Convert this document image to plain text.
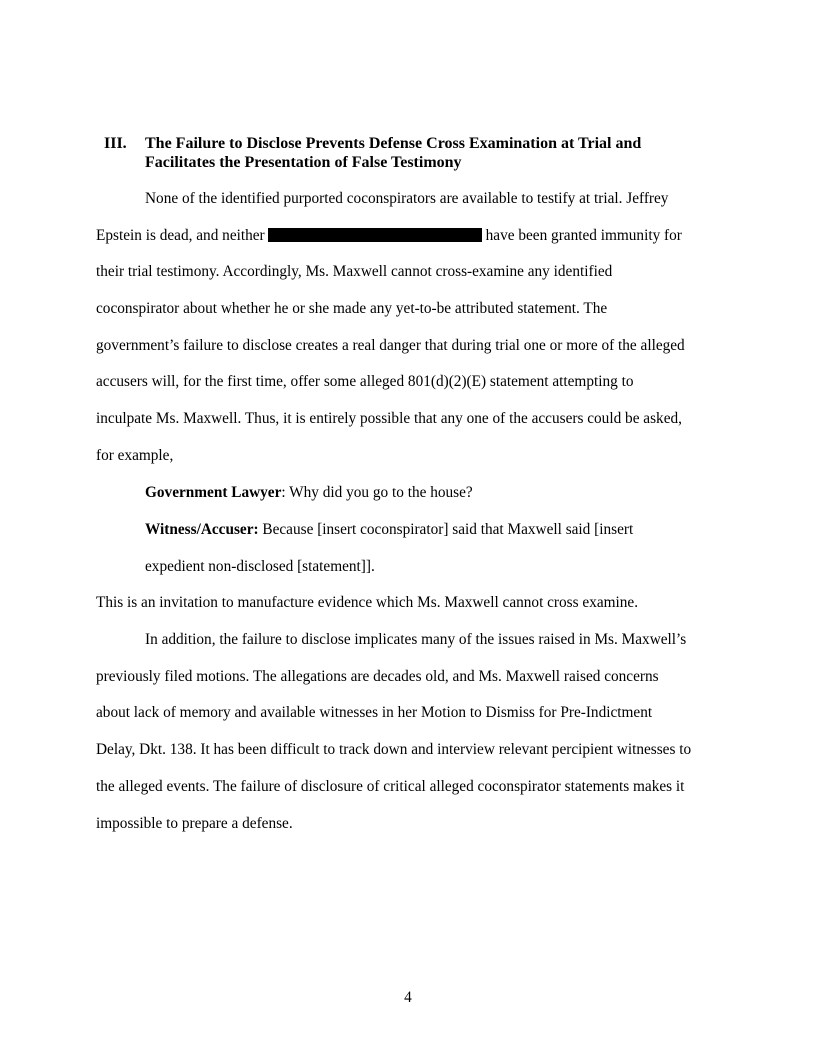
III. The Failure to Disclose Prevents Defense Cross Examination at Trial and
Facilitates the Presentation of False Testimony
None of the identified purported coconspirators are available to testify at trial. Jeffrey
Epstein is dead, and neither	have been granted immunity for
their trial testimony. Accordingly, Ms. Maxwell cannot cross-examine any identified
coconspirator about whether he or she made any yet-to-be attributed statement. The
government’s failure to disclose creates a real danger that during trial one or more of the alleged
accusers will, for the first time, offer some alleged 801(d)(2)(E) statement attempting to
inculpate Ms. Maxwell. Thus, it is entirely possible that any one of the accusers could be asked,
for example,
Government Lawyer: Why did you go to the house?
Witness/Accuser: Because [insert coconspirator] said that Maxwell said [insert
expedient non-disclosed [statement]].
This is an invitation to manufacture evidence which Ms. Maxwell cannot cross examine.
In addition, the failure to disclose implicates many of the issues raised in Ms. Maxwell’s
previously filed motions. The allegations are decades old, and Ms. Maxwell raised concerns
about lack of memory and available witnesses in her Motion to Dismiss for Pre-Indictment
Delay, Dkt. 138. It has been difficult to track down and interview relevant percipient witnesses to
the alleged events. The failure of disclosure of critical alleged coconspirator statements makes it
impossible to prepare a defense.
4
